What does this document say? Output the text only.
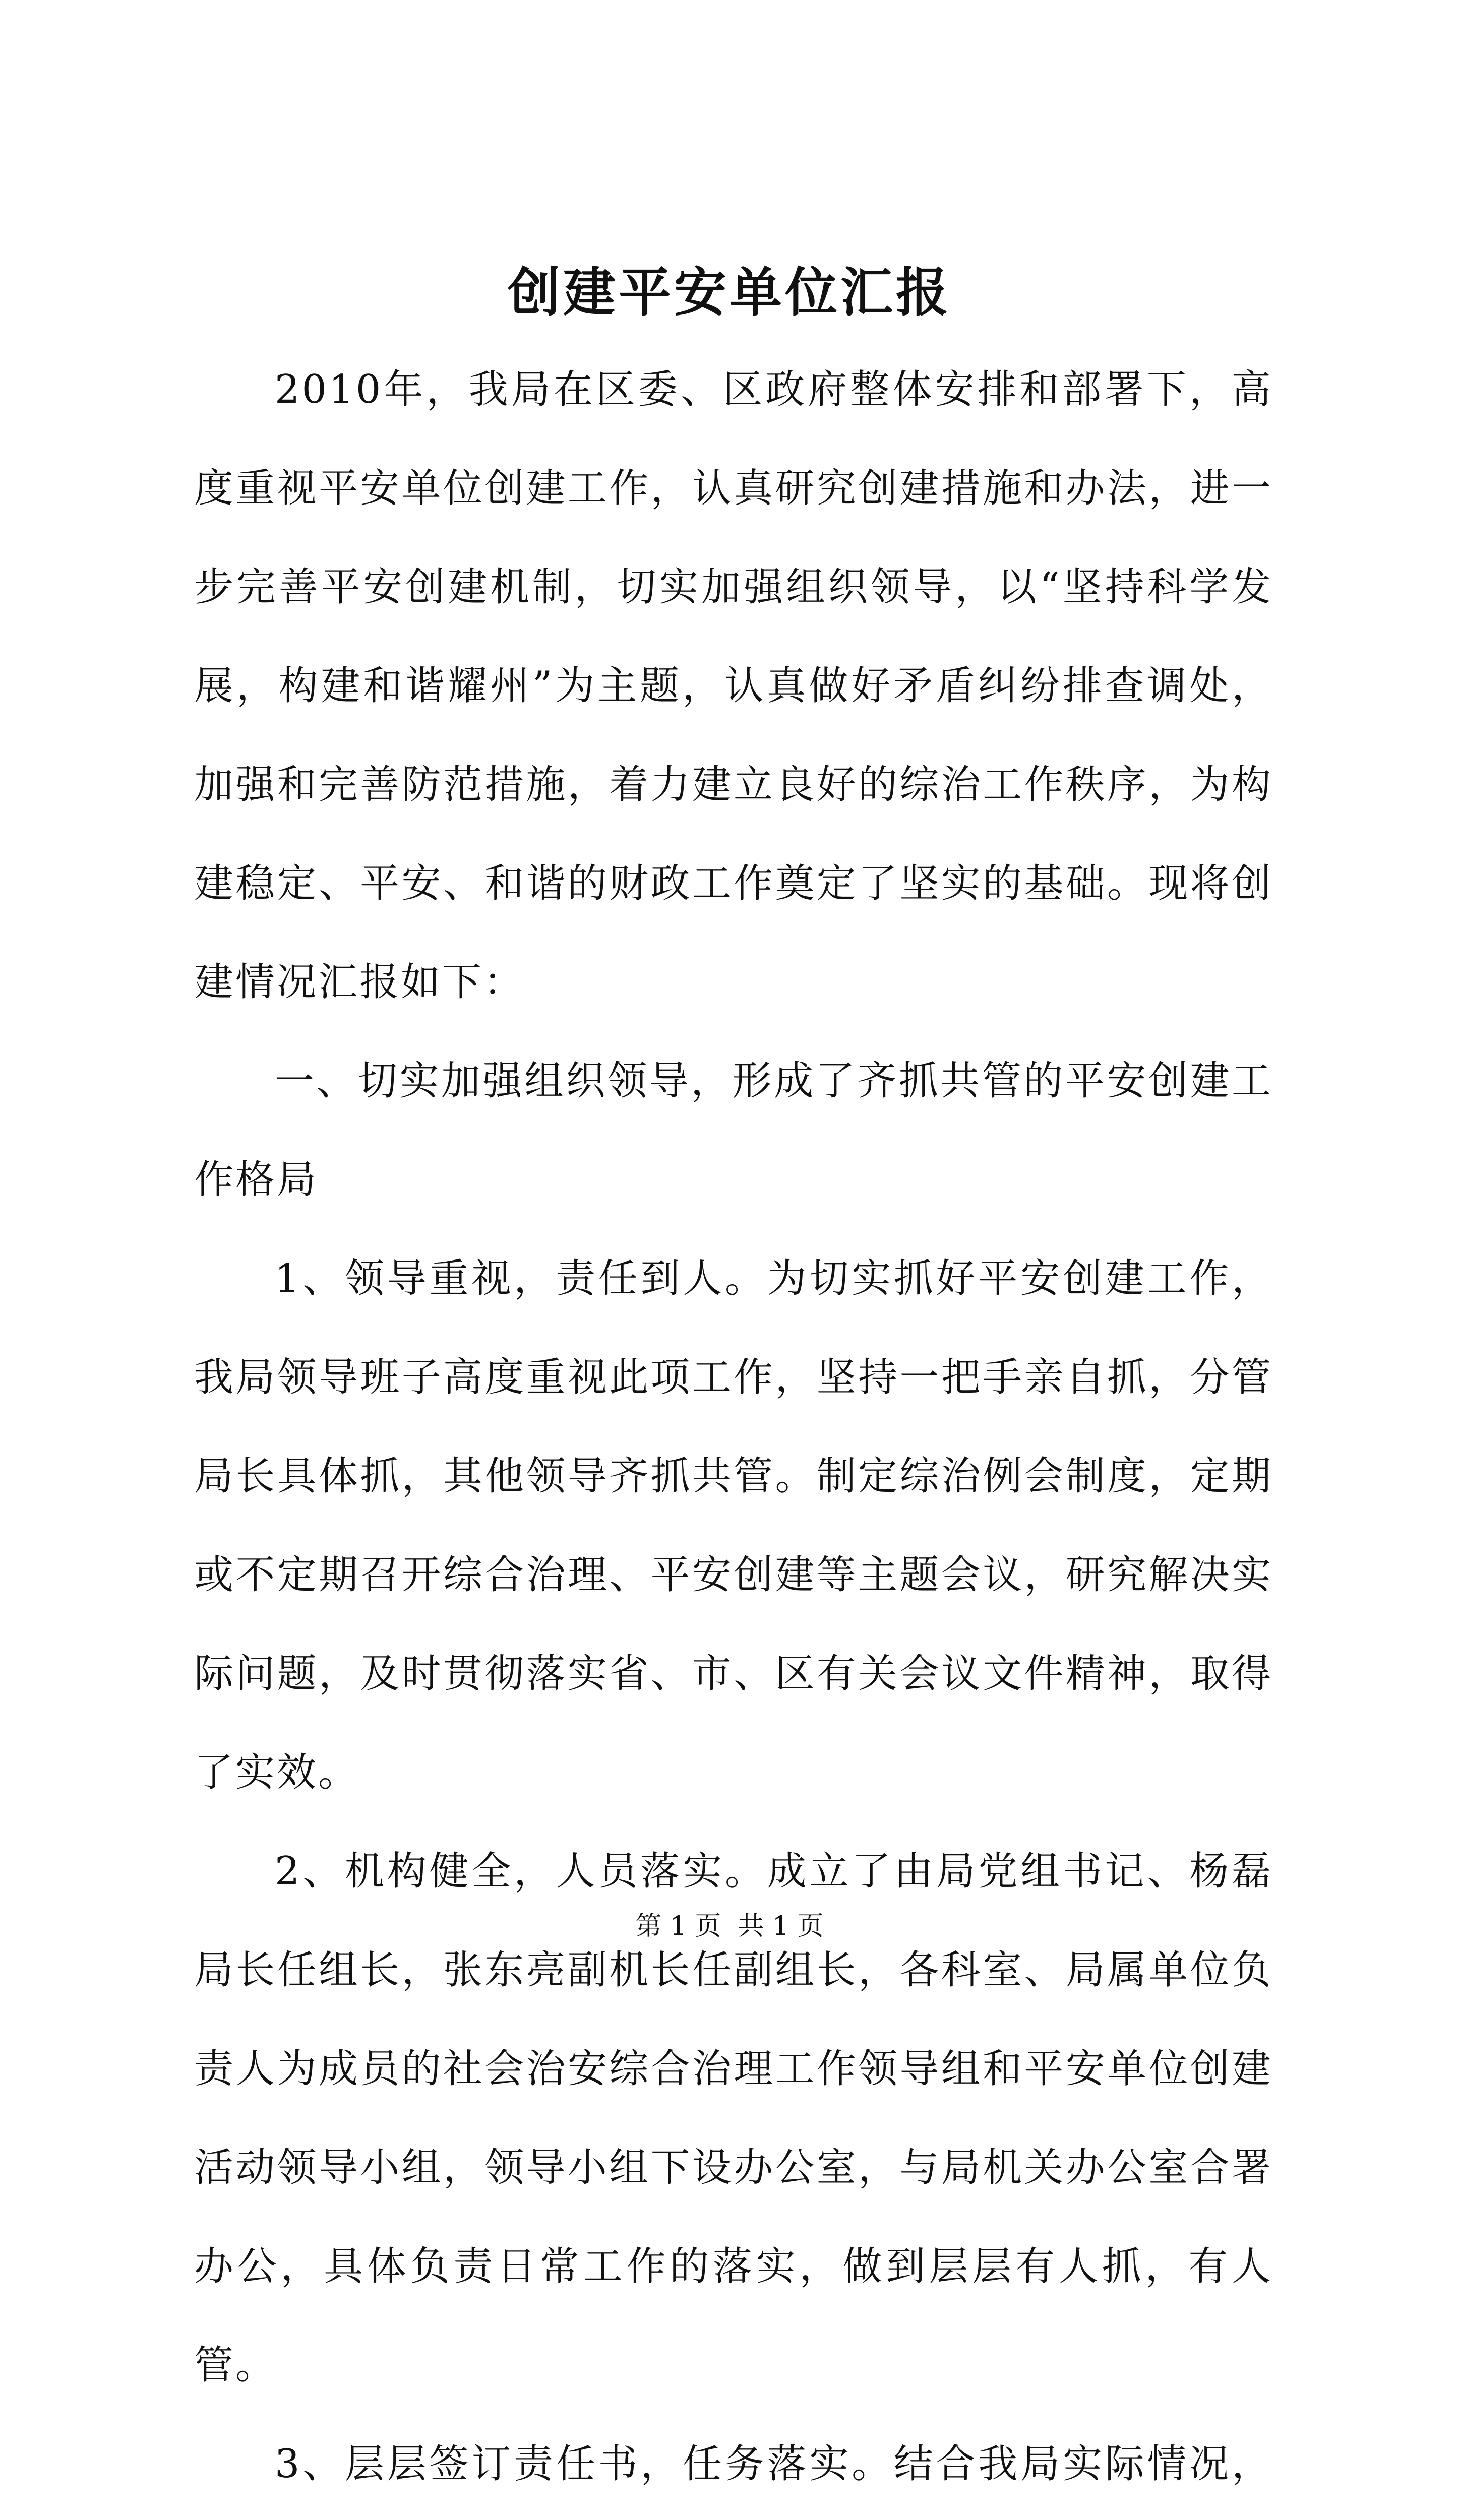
创建平安单位汇报

2010年，我局在区委、区政府整体安排和部署下，高度重视平安单位创建工作，认真研究创建措施和办法，进一步完善平安创建机制，切实加强组织领导，以“坚持科学发展，构建和谐耀州”为主题，认真做好矛盾纠纷排查调处，加强和完善防范措施，着力建立良好的综治工作秩序，为构建稳定、平安、和谐的财政工作奠定了坚实的基础。现将创建情况汇报如下：

一、切实加强组织领导，形成了齐抓共管的平安创建工作格局

1、领导重视，责任到人。为切实抓好平安创建工作，我局领导班子高度重视此项工作，坚持一把手亲自抓，分管局长具体抓，其他领导齐抓共管。制定综治例会制度，定期或不定期召开综合治理、平安创建等主题会议，研究解决实际问题，及时贯彻落实省、市、区有关会议文件精神，取得了实效。

2、机构健全，人员落实。成立了由局党组书记、杨磊局长任组长，张东亮副机长任副组长，各科室、局属单位负责人为成员的社会治安综合治理工作领导组和平安单位创建活动领导小组，领导小组下设办公室，与局机关办公室合署办公，具体负责日常工作的落实，做到层层有人抓，有人管。

3、层层签订责任书，任务落实。结合我局实际情况，

第 1 页  共 1 页
